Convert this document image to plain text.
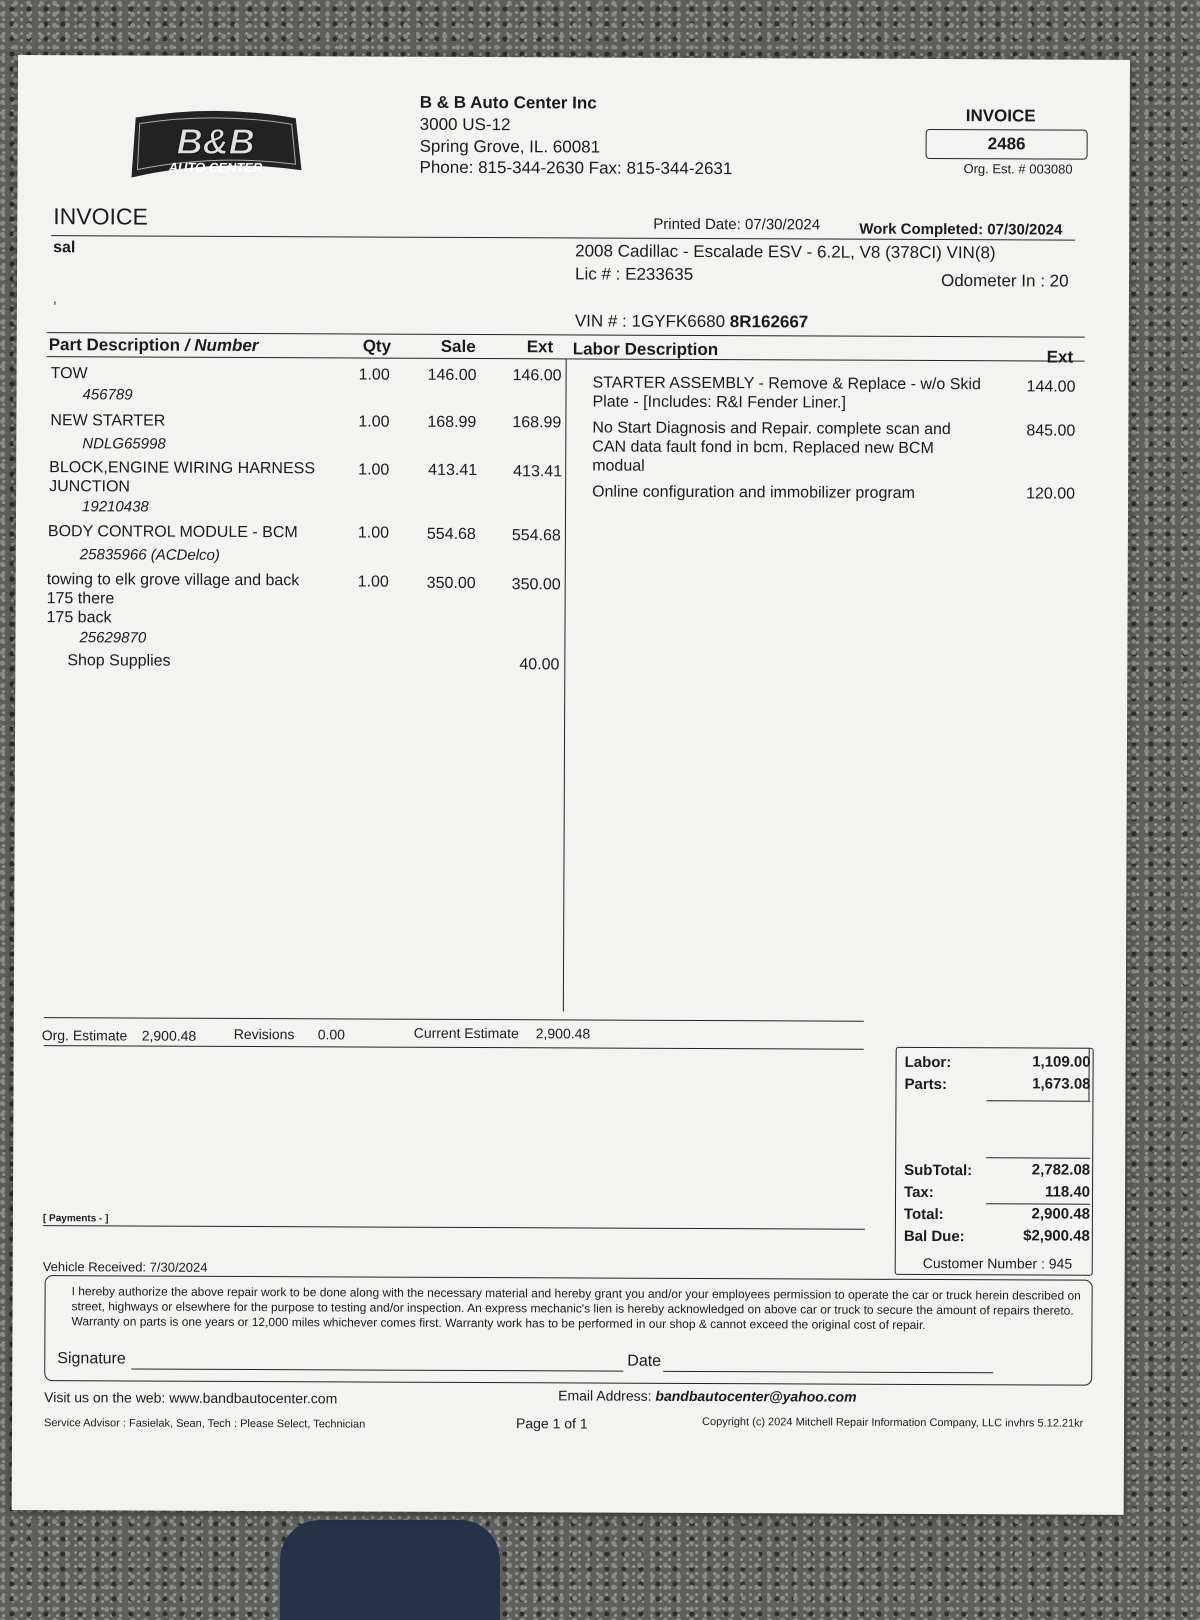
B&B
AUTO CENTER
B & B Auto Center Inc
3000 US-12
Spring Grove, IL. 60081
Phone: 815-344-2630 Fax: 815-344-2631
INVOICE
2486
Org. Est. # 003080
INVOICE	Printed Date: 07/30/2024	Work Completed: 07/30/2024
sal
,
2008 Cadillac - Escalade ESV - 6.2L, V8 (378CI) VIN(8)
Lic # : E233635	Odometer In : 20
VIN # : 1GYFK6680 8R162667
Part Description / Number	Qty	Sale	Ext Labor Description	Ext
TOW
456789
1.00 146.00 146.00
NEW STARTER
NDLG65998
1.00 168.99 168.99
BLOCK,ENGINE WIRING HARNESS
JUNCTION
19210438
1.00 413.41 413.41
BODY CONTROL MODULE - BCM
25835966 (ACDelco)
1.00 554.68 554.68
towing to elk grove village and back
175 there
175 back
25629870
1.00 350.00 350.00
Shop Supplies	40.00
STARTER ASSEMBLY - Remove & Replace - w/o Skid Plate - [Includes: R&I Fender Liner.]
144.00
No Start Diagnosis and Repair. complete scan and CAN data fault fond in bcm. Replaced new BCM modual
845.00
Online configuration and immobilizer program	120.00
Org. Estimate 2,900.48	Revisions 0.00	Current Estimate 2,900.48
Labor:	1,109.00
Parts:	1,673.08
SubTotal:	2,782.08
Tax:	118.40
Total:	2,900.48
Bal Due:	$2,900.48
[ Payments - ]
Vehicle Received: 7/30/2024	Customer Number : 945
I hereby authorize the above repair work to be done along with the necessary material and hereby grant you and/or your employees permission to operate the car or truck herein described on street, highways or elsewhere for the purpose to testing and/or inspection. An express mechanic's lien is hereby acknowledged on above car or truck to secure the amount of repairs thereto. Warranty on parts is one years or 12,000 miles whichever comes first. Warranty work has to be performed in our shop & cannot exceed the original cost of repair.
Signature	Date
Visit us on the web: www.bandbautocenter.com	Email Address: bandbautocenter@yahoo.com
Service Advisor : Fasielak, Sean, Tech : Please Select, Technician	Page 1 of 1	Copyright (c) 2024 Mitchell Repair Information Company, LLC invhrs 5.12.21kr
